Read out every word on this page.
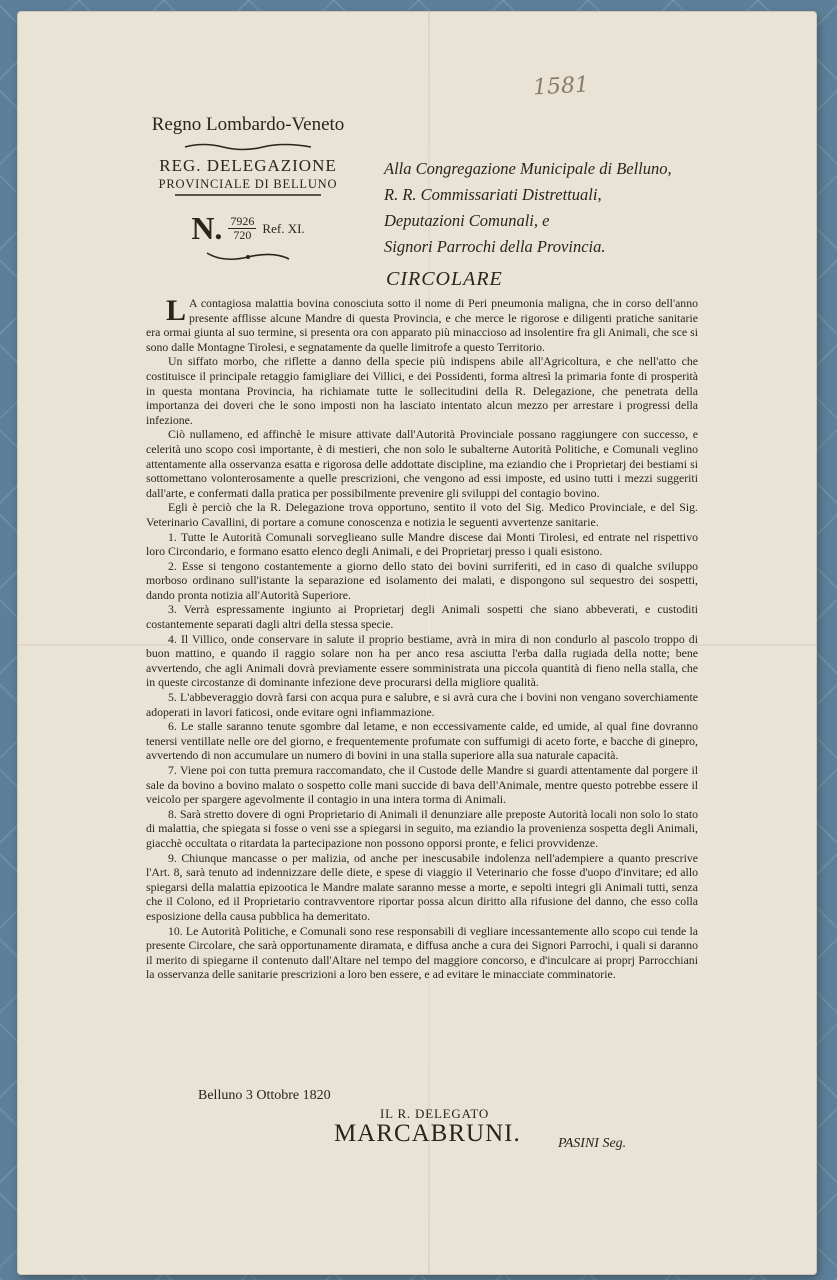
1581
Regno Lombardo-Veneto
REG. DELEGAZIONE
PROVINCIALE DI BELLUNO
N. $\frac{7926}{720}$ Ref. XI.
Alla Congregazione Municipale di Belluno,
R. R. Commissariati Distrettuali,
Deputazioni Comunali, e
Signori Parrochi della Provincia.
CIRCOLARE
L A contagiosa malattia bovina conosciuta sotto il nome di Peri pneumonia maligna, che in corso dell'anno presente afflisse alcune Mandre di questa Provincia, e che merce le rigorose e diligenti pratiche sanitarie era ormai giunta al suo termine, si presenta ora con apparato più minaccioso ad insolentire fra gli Animali, che sce si sono dalle Montagne Tirolesi, e segnatamente da quelle limitrofe a questo Territorio.

Un siffato morbo, che riflette a danno della specie più indispens abile all'Agricoltura, e che nell'atto che costituisce il principale retaggio famigliare dei Villici, e dei Possidenti, forma altresì la primaria fonte di prosperità in questa montana Provincia, ha richiamate tutte le sollecitudini della R. Delegazione, che penetrata della importanza dei doveri che le sono imposti non ha lasciato intentato alcun mezzo per arrestare i progressi della infezione.

Ciò nullameno, ed affinchè le misure attivate dall'Autorità Provinciale possano raggiungere con successo, e celerità uno scopo così importante, è di mestieri, che non solo le subalterne Autorità Politiche, e Comunali veglino attentamente alla osservanza esatta e rigorosa delle addottate discipline, ma eziandio che i Proprietarj dei bestiami si sottomettano volonterosamente a quelle prescrizioni, che vengono ad essi imposte, ed usino tutti i mezzi suggeriti dall'arte, e confermati dalla pratica per possibilmente prevenire gli sviluppi del contagio bovino.

Egli è perciò che la R. Delegazione trova opportuno, sentito il voto del Sig. Medico Provinciale, e del Sig. Veterinario Cavallini, di portare a comune conoscenza e notizia le seguenti avvertenze sanitarie.

1. Tutte le Autorità Comunali sorveglieano sulle Mandre discese dai Monti Tirolesi, ed entrate nel rispettivo loro Circondario, e formano esatto elenco degli Animali, e dei Proprietarj presso i quali esistono.

2. Esse si tengono costantemente a giorno dello stato dei bovini surriferiti, ed in caso di qualche sviluppo morboso ordinano sull'istante la separazione ed isolamento dei malati, e dispongono sul sequestro dei sospetti, dando pronta notizia all'Autorità Superiore.

3. Verrà espressamente ingiunto ai Proprietarj degli Animali sospetti che siano abbeverati, e custoditi costantemente separati dagli altri della stessa specie.

4. Il Villico, onde conservare in salute il proprio bestiame, avrà in mira di non condurlo al pascolo troppo di buon mattino, e quando il raggio solare non ha per anco resa asciutta l'erba dalla rugiada della notte; bene avvertendo, che agli Animali dovrà previamente essere somministrata una piccola quantità di fieno nella stalla, che in queste circostanze di dominante infezione deve procurarsi della migliore qualità.

5. L'abbeveraggio dovrà farsi con acqua pura e salubre, e si avrà cura che i bovini non vengano soverchiamente adoperati in lavori faticosi, onde evitare ogni infiammazione.

6. Le stalle saranno tenute sgombre dal letame, e non eccessivamente calde, ed umide, al qual fine dovranno tenersi ventillate nelle ore del giorno, e frequentemente profumate con suffumigi di aceto forte, e bacche di ginepro, avvertendo di non accumulare un numero di bovini in una stalla superiore alla sua naturale capacità.

7. Viene poi con tutta premura raccomandato, che il Custode delle Mandre si guardi attentamente dal porgere il sale da bovino a bovino malato o sospetto colle mani succide di bava dell'Animale, mentre questo potrebbe essere il veicolo per spargere agevolmente il contagio in una intera torma di Animali.

8. Sarà stretto dovere di ogni Proprietario di Animali il denunziare alle preposte Autorità locali non solo lo stato di malattia, che spiegata si fosse o veni sse a spiegarsi in seguito, ma eziandio la provenienza sospetta degli Animali, giacchè occultata o ritardata la partecipazione non possono opporsi pronte, e felici provvidenze.

9. Chiunque mancasse o per malizia, od anche per inescusabile indolenza nell'adempiere a quanto prescrive l'Art. 8, sarà tenuto ad indennizzare delle diete, e spese di viaggio il Veterinario che fosse d'uopo d'invitare; ed allo spiegarsi della malattia epizootica le Mandre malate saranno messe a morte, e sepolti integri gli Animali tutti, senza che il Colono, ed il Proprietario contravventore riportar possa alcun diritto alla rifusione del danno, che esso colla esposizione della causa pubblica ha demeritato.

10. Le Autorità Politiche, e Comunali sono rese responsabili di vegliare incessantemente allo scopo cui tende la presente Circolare, che sarà opportunamente diramata, e diffusa anche a cura dei Signori Parrochi, i quali si daranno il merito di spiegarne il contenuto dall'Altare nel tempo del maggiore concorso, e d'inculcare ai proprj Parrocchiani la osservanza delle sanitarie prescrizioni a loro ben essere, e ad evitare le minacciate comminatorie.

Belluno 3 Ottobre 1820
IL R. DELEGATO
MARCABRUNI.	PASINI Seg.
